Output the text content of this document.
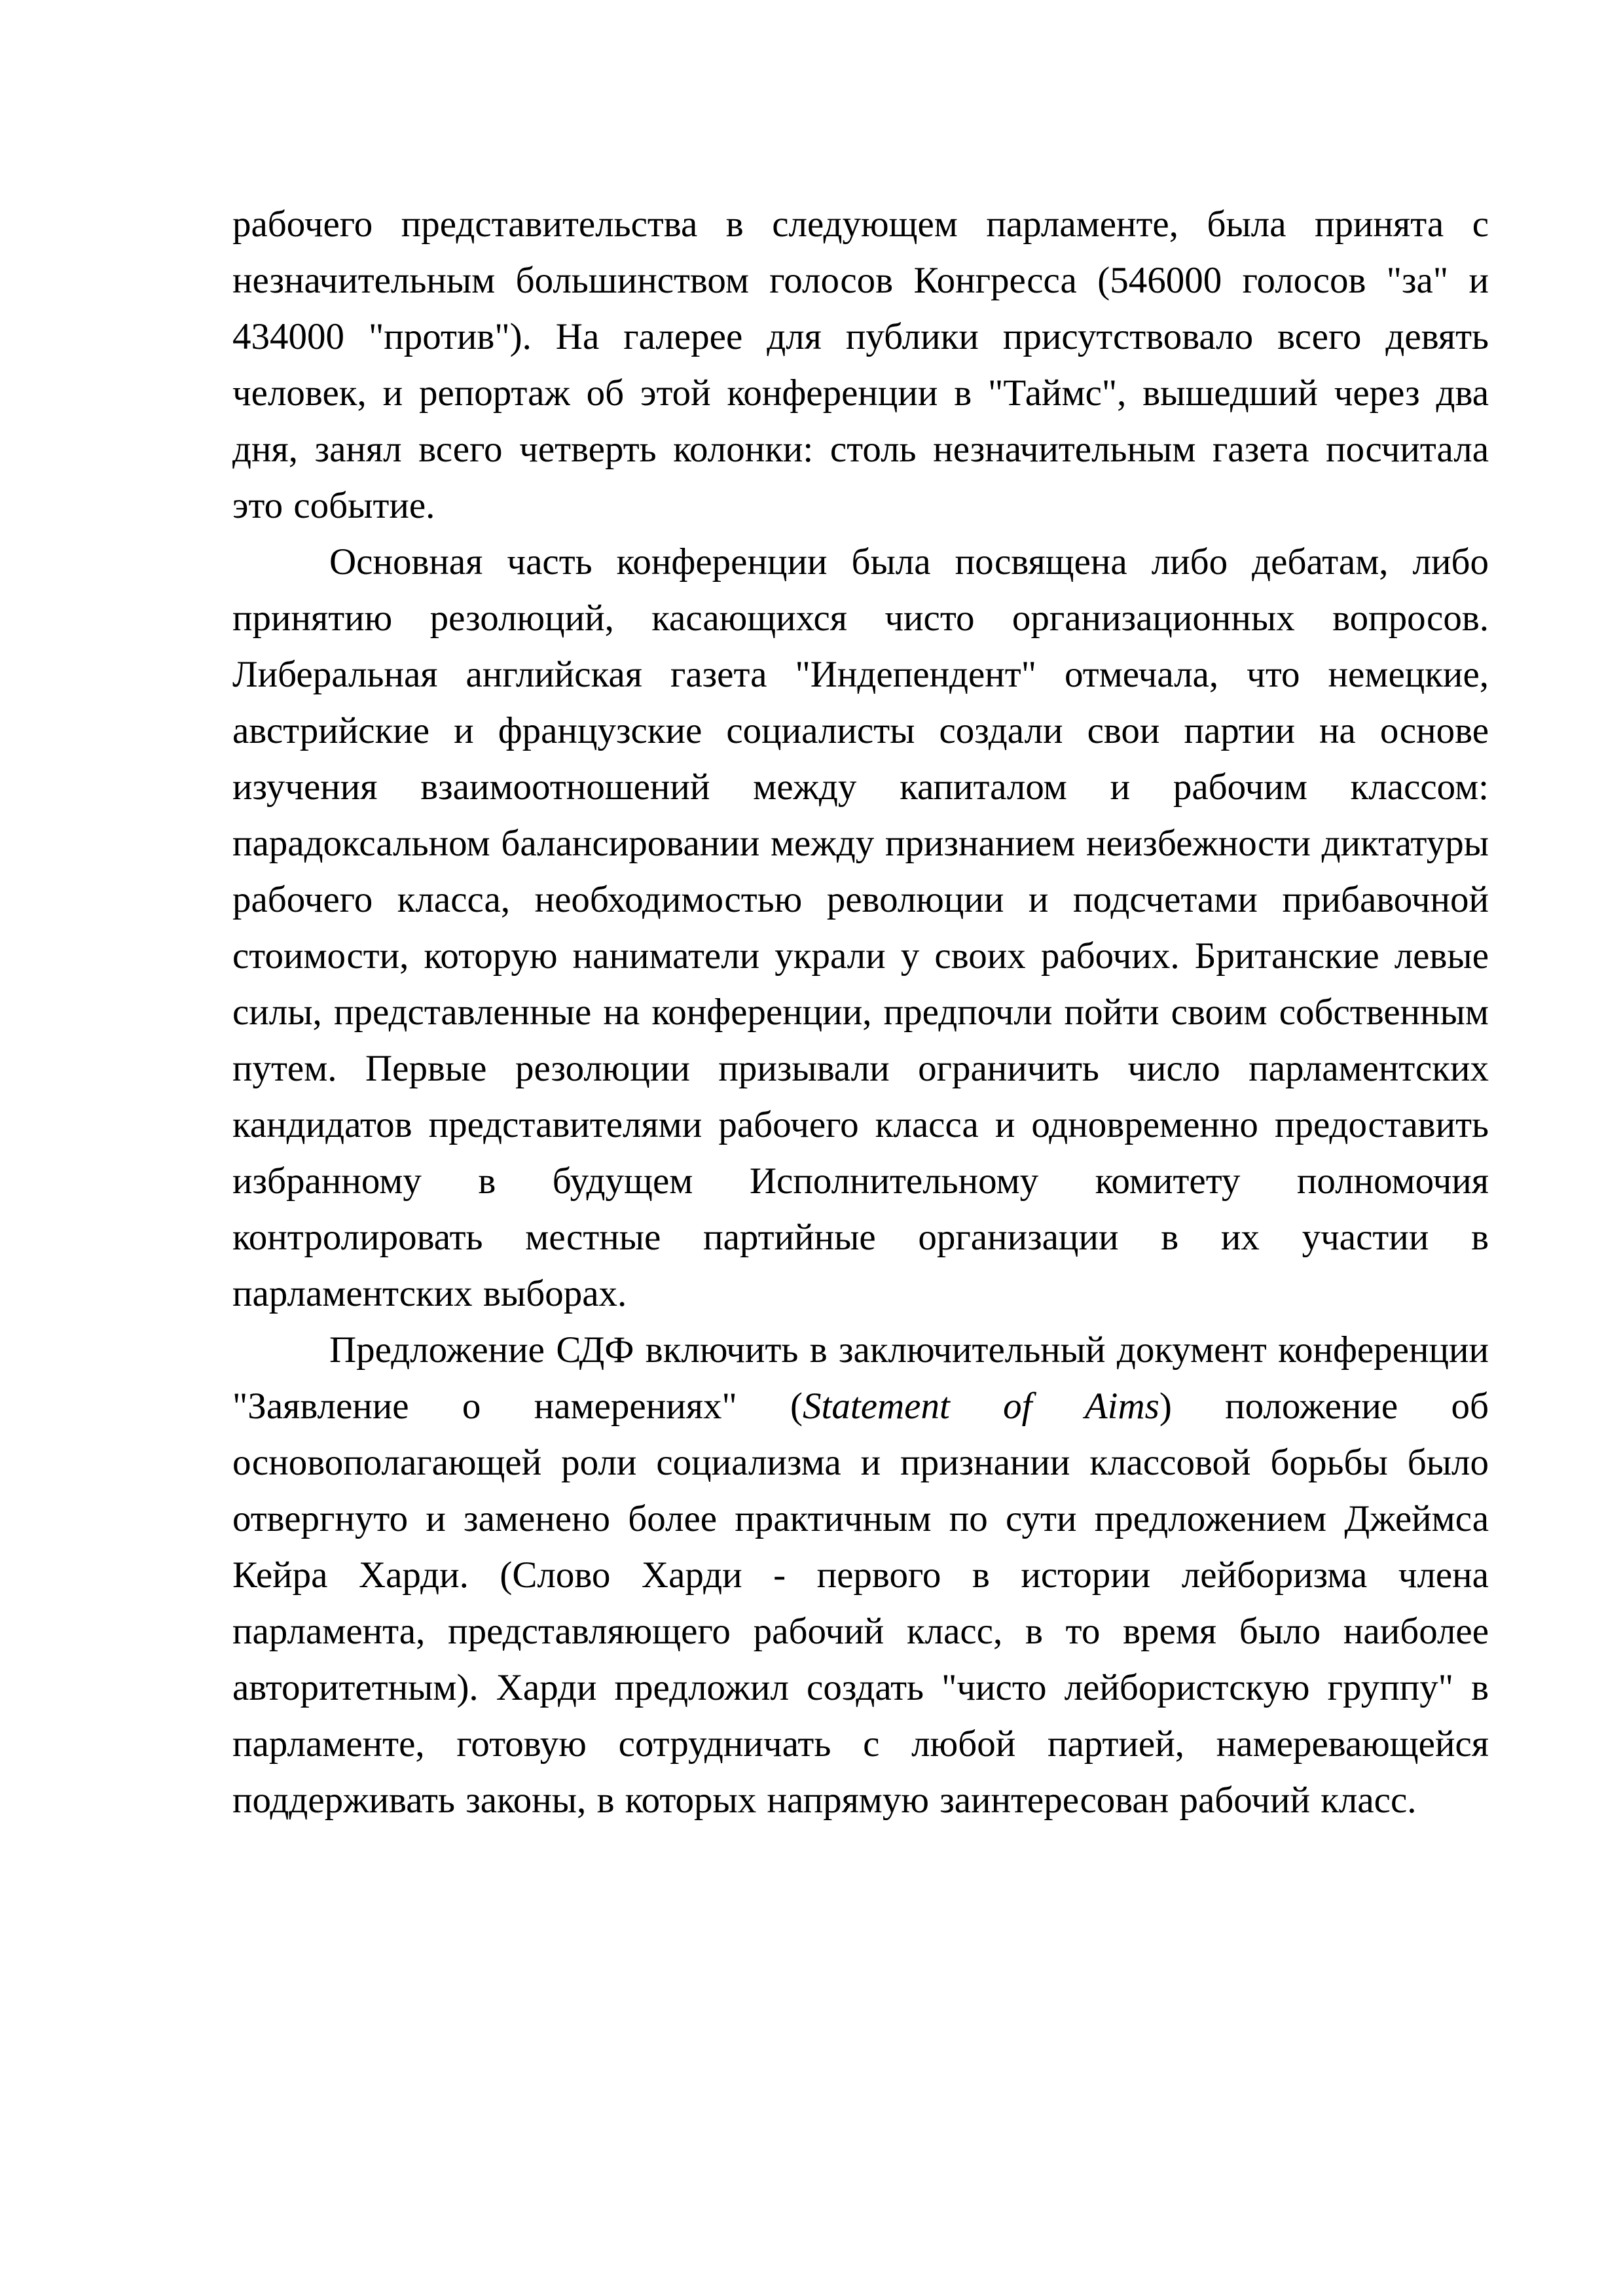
рабочего представительства в следующем парламенте, была принята с незначительным большинством голосов Конгресса (546000 голосов "за" и 434000 "против"). На галерее для публики присутствовало всего девять человек, и репортаж об этой конференции в "Таймс", вышедший через два дня, занял всего четверть колонки: столь незначительным газета посчитала это событие.

Основная часть конференции была посвящена либо дебатам, либо принятию резолюций, касающихся чисто организационных вопросов. Либеральная английская газета "Индепендент" отмечала, что немецкие, австрийские и французские социалисты создали свои партии на основе изучения взаимоотношений между капиталом и рабочим классом: парадоксальном балансировании между признанием неизбежности диктатуры рабочего класса, необходимостью революции и подсчетами прибавочной стоимости, которую наниматели украли у своих рабочих. Британские левые силы, представленные на конференции, предпочли пойти своим собственным путем. Первые резолюции призывали ограничить число парламентских кандидатов представителями рабочего класса и одновременно предоставить избранному в будущем Исполнительному комитету полномочия контролировать местные партийные организации в их участии в парламентских выборах.

Предложение СДФ включить в заключительный документ конференции "Заявление о намерениях" (Statement of Aims) положение об основополагающей роли социализма и признании классовой борьбы было отвергнуто и заменено более практичным по сути предложением Джеймса Кейра Харди. (Слово Харди - первого в истории лейборизма члена парламента, представляющего рабочий класс, в то время было наиболее авторитетным). Харди предложил создать "чисто лейбористскую группу" в парламенте, готовую сотрудничать с любой партией, намеревающейся поддерживать законы, в которых напрямую заинтересован рабочий класс.
